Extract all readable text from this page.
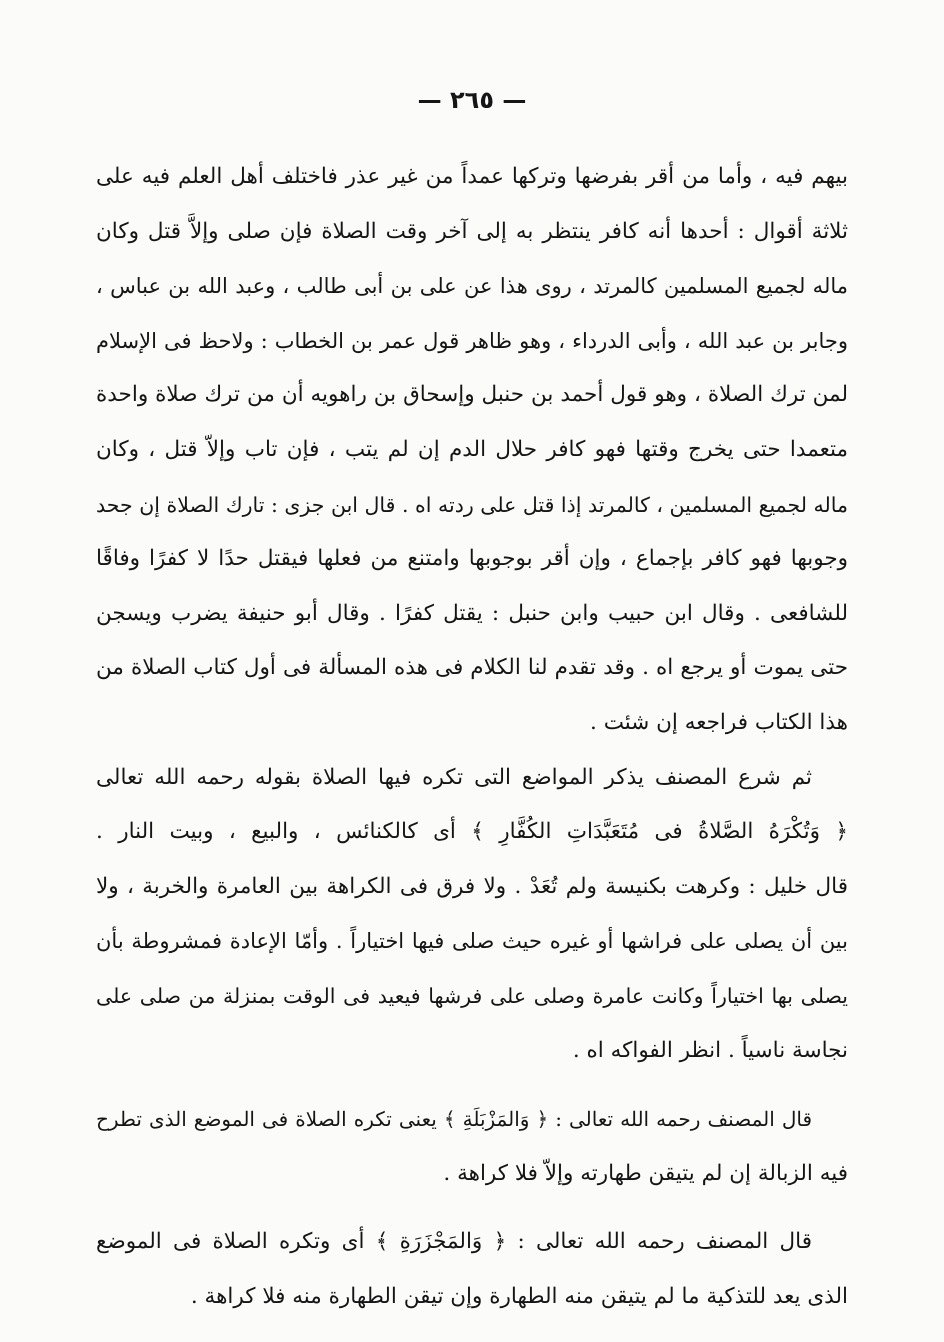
— ٢٦٥ —
بيهم فيه ، وأما من أقر بفرضها وتركها عمداً من غير عذر فاختلف أهل العلم فيه على
ثلاثة أقوال : أحدها أنه كافر ينتظر به إلى آخر وقت الصلاة فإن صلى وإلاَّ قتل وكان
ماله لجميع المسلمين كالمرتد ، روى هذا عن على بن أبى طالب ، وعبد الله بن عباس ،
وجابر بن عبد الله ، وأبى الدرداء ، وهو ظاهر قول عمر بن الخطاب : ولاحظ فى الإسلام
لمن ترك الصلاة ، وهو قول أحمد بن حنبل وإسحاق بن راهويه أن من ترك صلاة واحدة
متعمدا حتى يخرج وقتها فهو كافر حلال الدم إن لم يتب ، فإن تاب وإلاّ قتل ، وكان
ماله لجميع المسلمين ، كالمرتد إذا قتل على ردته اه . قال ابن جزى : تارك الصلاة إن جحد
وجوبها فهو كافر بإجماع ، وإن أقر بوجوبها وامتنع من فعلها فيقتل حدًا لا كفرًا وفاقًا
للشافعى . وقال ابن حبيب وابن حنبل : يقتل كفرًا . وقال أبو حنيفة يضرب ويسجن
حتى يموت أو يرجع اه . وقد تقدم لنا الكلام فى هذه المسألة فى أول كتاب الصلاة من
هذا الكتاب فراجعه إن شئت .
ثم شرع المصنف يذكر المواضع التى تكره فيها الصلاة بقوله رحمه الله تعالى
﴿ وَتُكْرَهُ الصَّلاةُ فى مُتَعَبَّدَاتِ الكُفَّارِ ﴾ أى كالكنائس ، والبيع ، وبيت النار .
قال خليل : وكرهت بكنيسة ولم تُعَدْ . ولا فرق فى الكراهة بين العامرة والخربة ، ولا
بين أن يصلى على فراشها أو غيره حيث صلى فيها اختياراً . وأمّا الإعادة فمشروطة بأن
يصلى بها اختياراً وكانت عامرة وصلى على فرشها فيعيد فى الوقت بمنزلة من صلى على
نجاسة ناسياً . انظر الفواكه اه .
قال المصنف رحمه الله تعالى : ﴿ وَالمَزْبَلَةِ ﴾ يعنى تكره الصلاة فى الموضع الذى تطرح
فيه الزبالة إن لم يتيقن طهارته وإلاّ فلا كراهة .
قال المصنف رحمه الله تعالى : ﴿ وَالمَجْزَرَةِ ﴾ أى وتكره الصلاة فى الموضع
الذى يعد للتذكية ما لم يتيقن منه الطهارة وإن تيقن الطهارة منه فلا كراهة .
